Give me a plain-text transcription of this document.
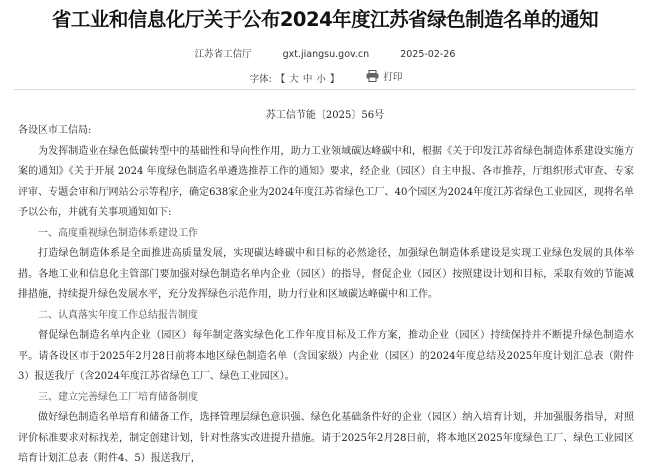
省工业和信息化厅关于公布2024年度江苏省绿色制造名单的通知
江苏省工信厅	gxt.jiangsu.gov.cn	2025-02-26
字体: 【 大 中 小 】	打印
苏工信节能〔2025〕56号

各设区市工信局:

为发挥制造业在绿色低碳转型中的基础性和导向性作用，助力工业领域碳达峰碳中和，根据《关于印发江苏省绿色制造体系建设实施方案的通知》《关于开展 2024 年度绿色制造名单遴选推荐工作的通知》要求，经企业（园区）自主申报、各市推荐，厅组织形式审查、专家评审、专题会审和厅网站公示等程序，确定638家企业为2024年度江苏省绿色工厂、40个园区为2024年度江苏省绿色工业园区，现将名单予以公布，并就有关事项通知如下:

一、高度重视绿色制造体系建设工作

打造绿色制造体系是全面推进高质量发展，实现碳达峰碳中和目标的必然途径，加强绿色制造体系建设是实现工业绿色发展的具体举措。各地工业和信息化主管部门要加强对绿色制造名单内企业（园区）的指导，督促企业（园区）按照建设计划和目标，采取有效的节能减排措施，持续提升绿色发展水平，充分发挥绿色示范作用，助力行业和区域碳达峰碳中和工作。

二、认真落实年度工作总结报告制度

督促绿色制造名单内企业（园区）每年制定落实绿色化工作年度目标及工作方案，推动企业（园区）持续保持并不断提升绿色制造水平。请各设区市于2025年2月28日前将本地区绿色制造名单（含国家级）内企业（园区）的2024年度总结及2025年度计划汇总表（附件3）报送我厅（含2024年度江苏省绿色工厂、绿色工业园区）。

三、建立完善绿色工厂培育储备制度

做好绿色制造名单培育和储备工作，选择管理层绿色意识强、绿色化基础条件好的企业（园区）纳入培育计划，并加强服务指导，对照评价标准要求对标找差，制定创建计划，针对性落实改进提升措施。请于2025年2月28日前，将本地区2025年度绿色工厂、绿色工业园区培育计划汇总表（附件4、5）报送我厅，
